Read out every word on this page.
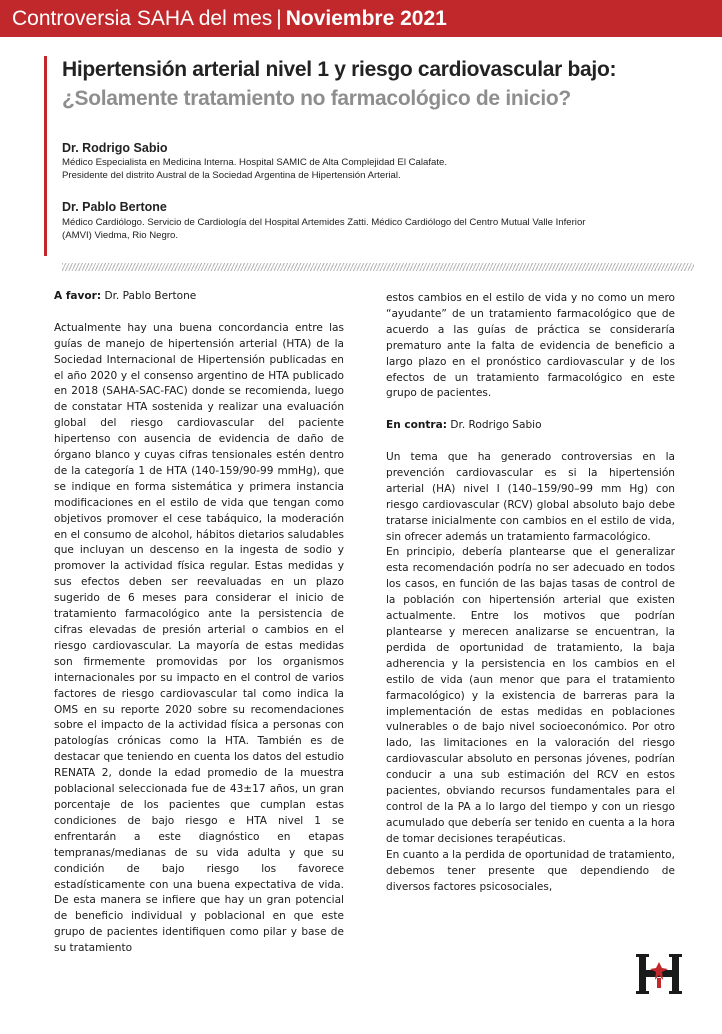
Controversia SAHA del mes | Noviembre 2021
Hipertensión arterial nivel 1 y riesgo cardiovascular bajo:
¿Solamente tratamiento no farmacológico de inicio?
Dr. Rodrigo Sabio
Médico Especialista en Medicina Interna. Hospital SAMIC de Alta Complejidad El Calafate.
Presidente del distrito Austral de la Sociedad Argentina de Hipertensión Arterial.
Dr. Pablo Bertone
Médico Cardiólogo. Servicio de Cardiología del Hospital Artemides Zatti. Médico Cardiólogo del Centro Mutual Valle Inferior
(AMVI) Viedma, Rio Negro.

A favor: Dr. Pablo Bertone

Actualmente hay una buena concordancia entre las guías de manejo de hipertensión arterial (HTA) de la Sociedad Internacional de Hipertensión publicadas en el año 2020 y el consenso argentino de HTA publicado en 2018 (SAHA-SAC-FAC) donde se recomienda, luego de constatar HTA sostenida y realizar una evaluación global del riesgo cardiovascular del paciente hipertenso con ausencia de evidencia de daño de órgano blanco y cuyas cifras tensionales estén dentro de la categoría 1 de HTA (140-159/90-99 mmHg), que se indique en forma sistemática y primera instancia modificaciones en el estilo de vida que tengan como objetivos promover el cese tabáquico, la moderación en el consumo de alcohol, hábitos dietarios saludables que incluyan un descenso en la ingesta de sodio y promover la actividad física regular. Estas medidas y sus efectos deben ser reevaluadas en un plazo sugerido de 6 meses para considerar el inicio de tratamiento farmacológico ante la persistencia de cifras elevadas de presión arterial o cambios en el riesgo cardiovascular. La mayoría de estas medidas son firmemente promovidas por los organismos internacionales por su impacto en el control de varios factores de riesgo cardiovascular tal como indica la OMS en su reporte 2020 sobre su recomendaciones sobre el impacto de la actividad física a personas con patologías crónicas como la HTA. También es de destacar que teniendo en cuenta los datos del estudio RENATA 2, donde la edad promedio de la muestra poblacional seleccionada fue de 43±17 años, un gran porcentaje de los pacientes que cumplan estas condiciones de bajo riesgo e HTA nivel 1 se enfrentarán a este diagnóstico en etapas tempranas/medianas de su vida adulta y que su condición de bajo riesgo los favorece estadísticamente con una buena expectativa de vida. De esta manera se infiere que hay un gran potencial de beneficio individual y poblacional en que este grupo de pacientes identifiquen como pilar y base de su tratamiento

estos cambios en el estilo de vida y no como un mero “ayudante” de un tratamiento farmacológico que de acuerdo a las guías de práctica se consideraría prematuro ante la falta de evidencia de beneficio a largo plazo en el pronóstico cardiovascular y de los efectos de un tratamiento farmacológico en este grupo de pacientes.

En contra: Dr. Rodrigo Sabio

Un tema que ha generado controversias en la prevención cardiovascular es si la hipertensión arterial (HA) nivel I (140–159/90–99 mm Hg) con riesgo cardiovascular (RCV) global absoluto bajo debe tratarse inicialmente con cambios en el estilo de vida, sin ofrecer además un tratamiento farmacológico.

En principio, debería plantearse que el generalizar esta recomendación podría no ser adecuado en todos los casos, en función de las bajas tasas de control de la población con hipertensión arterial que existen actualmente. Entre los motivos que podrían plantearse y merecen analizarse se encuentran, la perdida de oportunidad de tratamiento, la baja adherencia y la persistencia en los cambios en el estilo de vida (aun menor que para el tratamiento farmacológico) y la existencia de barreras para la implementación de estas medidas en poblaciones vulnerables o de bajo nivel socioeconómico. Por otro lado, las limitaciones en la valoración del riesgo cardiovascular absoluto en personas jóvenes, podrían conducir a una sub estimación del RCV en estos pacientes, obviando recursos fundamentales para el control de la PA a lo largo del tiempo y con un riesgo acumulado que debería ser tenido en cuenta a la hora de tomar decisiones terapéuticas.

En cuanto a la perdida de oportunidad de tratamiento, debemos tener presente que dependiendo de diversos factores psicosociales,
